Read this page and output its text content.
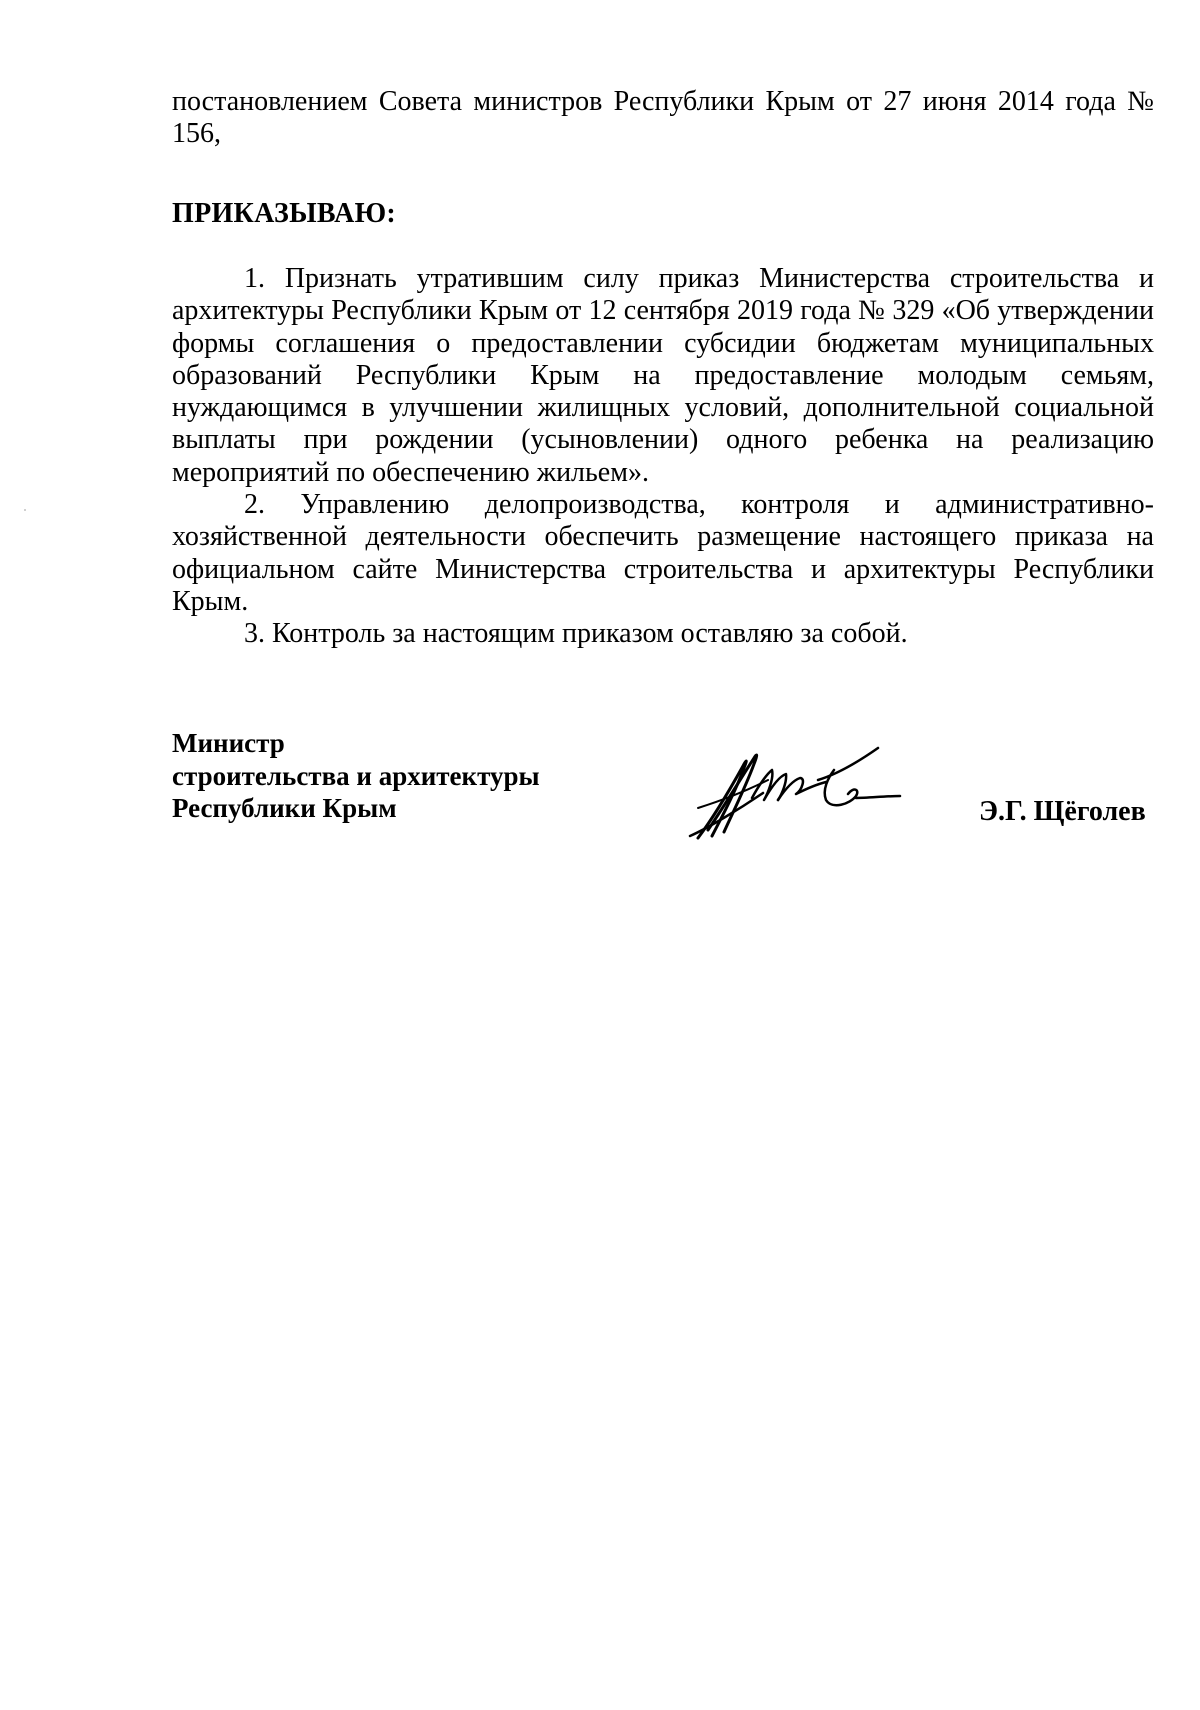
постановлением Совета министров Республики Крым от 27 июня 2014 года № 156,

ПРИКАЗЫВАЮ:

1. Признать утратившим силу приказ Министерства строительства и архитектуры Республики Крым от 12 сентября 2019 года № 329 «Об утверждении формы соглашения о предоставлении субсидии бюджетам муниципальных образований Республики Крым на предоставление молодым семьям, нуждающимся в улучшении жилищных условий, дополнительной социальной выплаты при рождении (усыновлении) одного ребенка на реализацию мероприятий по обеспечению жильем».

2. Управлению делопроизводства, контроля и административно-хозяйственной деятельности обеспечить размещение настоящего приказа на официальном сайте Министерства строительства и архитектуры Республики Крым.

3. Контроль за настоящим приказом оставляю за собой.

Министр
строительства и архитектуры
Республики Крым	Э.Г. Щёголев
